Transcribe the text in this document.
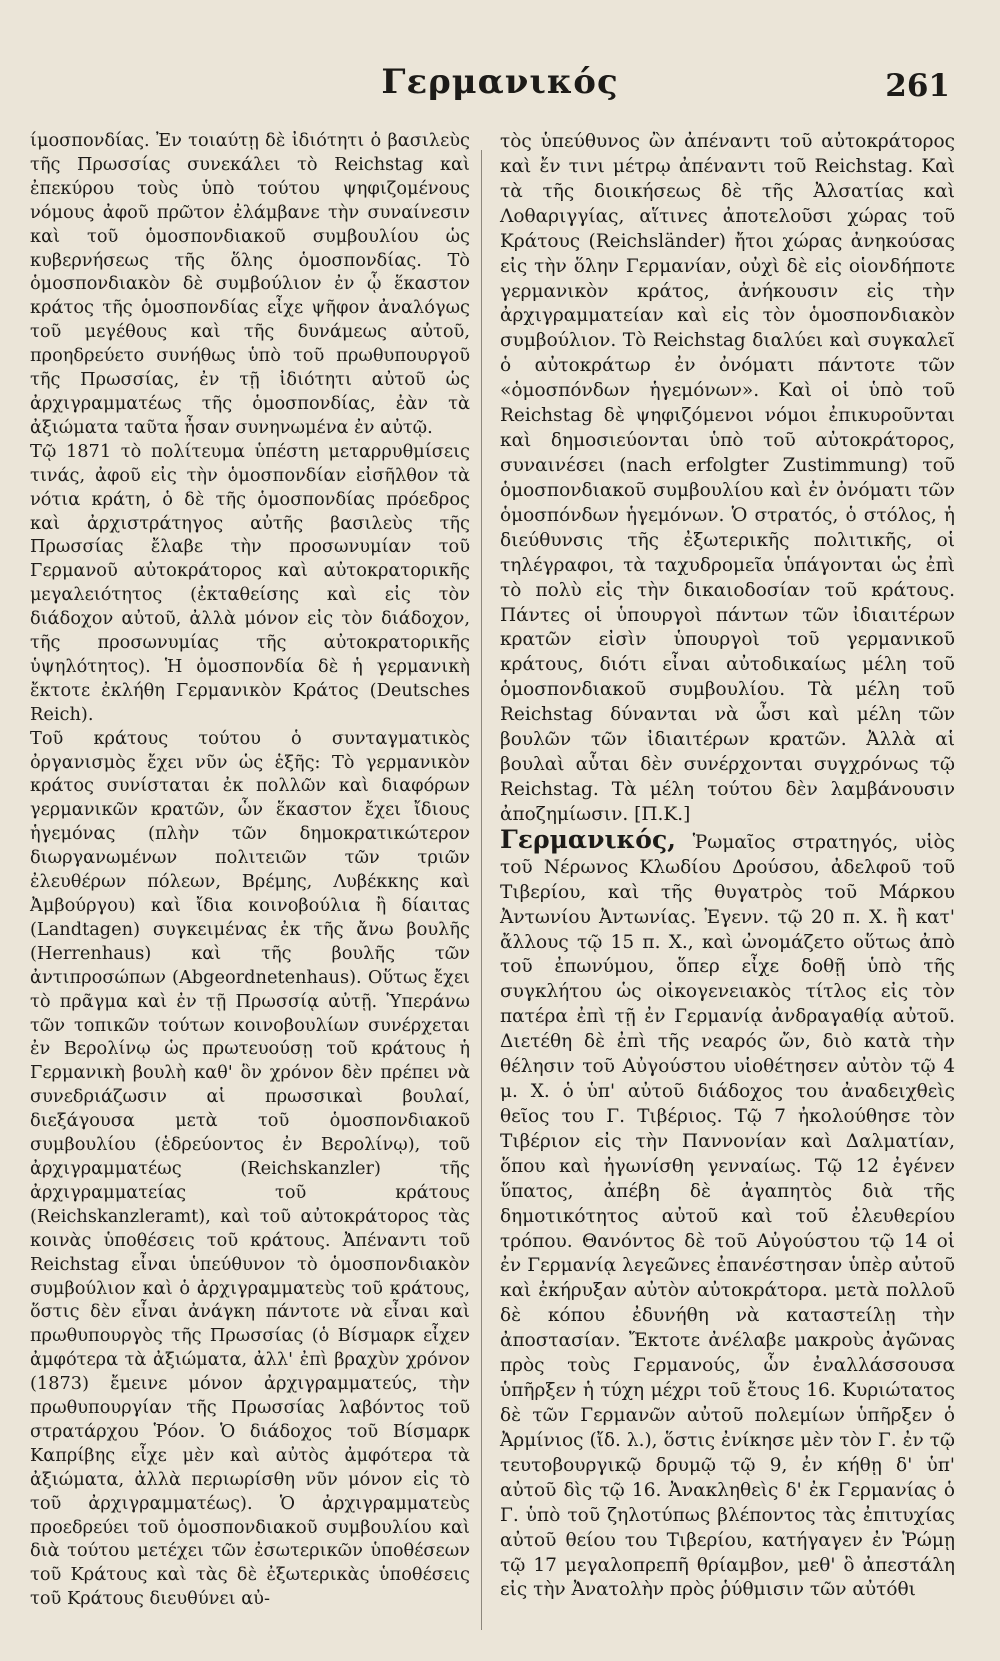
Γερμανικός	261

ίμοσπονδίας. Ἐν τοιαύτῃ δὲ ἰδιότητι ὁ βασιλεὺς τῆς Πρωσσίας συνεκάλει τὸ Reichstag καὶ ἐπεκύρου τοὺς ὑπὸ τούτου ψηφιζομένους νόμους ἀφοῦ πρῶτον ἐλάμβανε τὴν συναίνεσιν καὶ τοῦ ὁμοσπονδιακοῦ συμβουλίου ὡς κυβερνήσεως τῆς ὅλης ὁμοσπονδίας. Τὸ ὁμοσπονδιακὸν δὲ συμβούλιον ἐν ᾧ ἕκαστον κράτος τῆς ὁμοσπονδίας εἶχε ψῆφον ἀναλόγως τοῦ μεγέθους καὶ τῆς δυνάμεως αὐτοῦ, προηδρεύετο συνήθως ὑπὸ τοῦ πρωθυπουργοῦ τῆς Πρωσσίας, ἐν τῇ ἰδιότητι αὐτοῦ ὡς ἀρχιγραμματέως τῆς ὁμοσπονδίας, ἐὰν τὰ ἀξιώματα ταῦτα ἦσαν συνηνωμένα ἐν αὐτῷ.

Τῷ 1871 τὸ πολίτευμα ὑπέστη μεταρρυθμίσεις τινάς, ἀφοῦ εἰς τὴν ὁμοσπονδίαν εἰσῆλθον τὰ νότια κράτη, ὁ δὲ τῆς ὁμοσπονδίας πρόεδρος καὶ ἀρχιστράτηγος αὐτῆς βασιλεὺς τῆς Πρωσσίας ἔλαβε τὴν προσωνυμίαν τοῦ Γερμανοῦ αὐτοκράτορος καὶ αὐτοκρατορικῆς μεγαλειότητος (ἐκταθείσης καὶ εἰς τὸν διάδοχον αὐτοῦ, ἀλλὰ μόνον εἰς τὸν διάδοχον, τῆς προσωνυμίας τῆς αὐτοκρατορικῆς ὑψηλότητος). Ἡ ὁμοσπονδία δὲ ἡ γερμανικὴ ἔκτοτε ἐκλήθη Γερμανικὸν Κράτος (Deutsches Reich).

Τοῦ κράτους τούτου ὁ συνταγματικὸς ὀργανισμὸς ἔχει νῦν ὡς ἑξῆς: Τὸ γερμανικὸν κράτος συνίσταται ἐκ πολλῶν καὶ διαφόρων γερμανικῶν κρατῶν, ὧν ἕκαστον ἔχει ἴδιους ἡγεμόνας (πλὴν τῶν δημοκρατικώτερον διωργανωμένων πολιτειῶν τῶν τριῶν ἐλευθέρων πόλεων, Βρέμης, Λυβέκκης καὶ Ἀμβούργου) καὶ ἴδια κοινοβούλια ἢ δίαιτας (Landtagen) συγκειμένας ἐκ τῆς ἄνω βουλῆς (Herrenhaus) καὶ τῆς βουλῆς τῶν ἀντιπροσώπων (Abgeordnetenhaus). Οὕτως ἔχει τὸ πρᾶγμα καὶ ἐν τῇ Πρωσσίᾳ αὐτῇ. Ὑπεράνω τῶν τοπικῶν τούτων κοινοβουλίων συνέρχεται ἐν Βερολίνῳ ὡς πρωτευούσῃ τοῦ κράτους ἡ Γερμανικὴ βουλὴ καθ' ὃν χρόνον δὲν πρέπει νὰ συνεδριάζωσιν αἱ πρωσσικαὶ βουλαί, διεξάγουσα μετὰ τοῦ ὁμοσπονδιακοῦ συμβουλίου (ἑδρεύοντος ἐν Βερολίνῳ), τοῦ ἀρχιγραμματέως (Reichskanzler) τῆς ἀρχιγραμματείας τοῦ κράτους (Reichskanzleramt), καὶ τοῦ αὐτοκράτορος τὰς κοινὰς ὑποθέσεις τοῦ κράτους. Ἀπέναντι τοῦ Reichstag εἶναι ὑπεύθυνον τὸ ὁμοσπονδιακὸν συμβούλιον καὶ ὁ ἀρχιγραμματεὺς τοῦ κράτους, ὅστις δὲν εἶναι ἀνάγκη πάντοτε νὰ εἶναι καὶ πρωθυπουργὸς τῆς Πρωσσίας (ὁ Βίσμαρκ εἶχεν ἀμφότερα τὰ ἀξιώματα, ἀλλ' ἐπὶ βραχὺν χρόνον (1873) ἔμεινε μόνον ἀρχιγραμματεύς, τὴν πρωθυπουργίαν τῆς Πρωσσίας λαβόντος τοῦ στρατάρχου Ῥόον. Ὁ διάδοχος τοῦ Βίσμαρκ Καπρίβης εἶχε μὲν καὶ αὐτὸς ἀμφότερα τὰ ἀξιώματα, ἀλλὰ περιωρίσθη νῦν μόνον εἰς τὸ τοῦ ἀρχιγραμματέως). Ὁ ἀρχιγραμματεὺς προεδρεύει τοῦ ὁμοσπονδιακοῦ συμβουλίου καὶ διὰ τούτου μετέχει τῶν ἐσωτερικῶν ὑποθέσεων τοῦ Κράτους καὶ τὰς δὲ ἐξωτερικὰς ὑποθέσεις τοῦ Κράτους διευθύνει αὐ-

τὸς ὑπεύθυνος ὢν ἀπέναντι τοῦ αὐτοκράτορος καὶ ἔν τινι μέτρῳ ἀπέναντι τοῦ Reichstag. Καὶ τὰ τῆς διοικήσεως δὲ τῆς Ἀλσατίας καὶ Λοθαριγγίας, αἵτινες ἀποτελοῦσι χώρας τοῦ Κράτους (Reichsländer) ἤτοι χώρας ἀνηκούσας εἰς τὴν ὅλην Γερμανίαν, οὐχὶ δὲ εἰς οἱονδήποτε γερμανικὸν κράτος, ἀνήκουσιν εἰς τὴν ἀρχιγραμματείαν καὶ εἰς τὸν ὁμοσπονδιακὸν συμβούλιον. Τὸ Reichstag διαλύει καὶ συγκαλεῖ ὁ αὐτοκράτωρ ἐν ὀνόματι πάντοτε τῶν «ὁμοσπόνδων ἡγεμόνων». Καὶ οἱ ὑπὸ τοῦ Reichstag δὲ ψηφιζόμενοι νόμοι ἐπικυροῦνται καὶ δημοσιεύονται ὑπὸ τοῦ αὐτοκράτορος, συναινέσει (nach erfolgter Zustimmung) τοῦ ὁμοσπονδιακοῦ συμβουλίου καὶ ἐν ὀνόματι τῶν ὁμοσπόνδων ἡγεμόνων. Ὁ στρατός, ὁ στόλος, ἡ διεύθυνσις τῆς ἐξωτερικῆς πολιτικῆς, οἱ τηλέγραφοι, τὰ ταχυδρομεῖα ὑπάγονται ὡς ἐπὶ τὸ πολὺ εἰς τὴν δικαιοδοσίαν τοῦ κράτους. Πάντες οἱ ὑπουργοὶ πάντων τῶν ἰδιαιτέρων κρατῶν εἰσὶν ὑπουργοὶ τοῦ γερμανικοῦ κράτους, διότι εἶναι αὐτοδικαίως μέλη τοῦ ὁμοσπονδιακοῦ συμβουλίου. Τὰ μέλη τοῦ Reichstag δύνανται νὰ ὦσι καὶ μέλη τῶν βουλῶν τῶν ἰδιαιτέρων κρατῶν. Ἀλλὰ αἱ βουλαὶ αὗται δὲν συνέρχονται συγχρόνως τῷ Reichstag. Τὰ μέλη τούτου δὲν λαμβάνουσιν ἀποζημίωσιν. [Π.Κ.]

Γερμανικός, Ῥωμαῖος στρατηγός, υἱὸς τοῦ Νέρωνος Κλωδίου Δρούσου, ἀδελφοῦ τοῦ Τιβερίου, καὶ τῆς θυγατρὸς τοῦ Μάρκου Ἀντωνίου Ἀντωνίας. Ἐγενν. τῷ 20 π. Χ. ἢ κατ' ἄλλους τῷ 15 π. Χ., καὶ ὠνομάζετο οὕτως ἀπὸ τοῦ ἐπωνύμου, ὅπερ εἶχε δοθῇ ὑπὸ τῆς συγκλήτου ὡς οἰκογενειακὸς τίτλος εἰς τὸν πατέρα ἐπὶ τῇ ἐν Γερμανίᾳ ἀνδραγαθίᾳ αὐτοῦ. Διετέθη δὲ ἐπὶ τῆς νεαρός ὤν, διὸ κατὰ τὴν θέλησιν τοῦ Αὐγούστου υἱοθέτησεν αὐτὸν τῷ 4 μ. Χ. ὁ ὑπ' αὐτοῦ διάδοχος του ἀναδειχθεὶς θεῖος του Γ. Τιβέριος. Τῷ 7 ἠκολούθησε τὸν Τιβέριον εἰς τὴν Παννονίαν καὶ Δαλματίαν, ὅπου καὶ ἠγωνίσθη γενναίως. Τῷ 12 ἐγένεν ὕπατος, ἀπέβη δὲ ἀγαπητὸς διὰ τῆς δημοτικότητος αὐτοῦ καὶ τοῦ ἐλευθερίου τρόπου. Θανόντος δὲ τοῦ Αὐγούστου τῷ 14 οἱ ἐν Γερμανίᾳ λεγεῶνες ἐπανέστησαν ὑπὲρ αὐτοῦ καὶ ἐκήρυξαν αὐτὸν αὐτοκράτορα. μετὰ πολλοῦ δὲ κόπου ἐδυνήθη νὰ καταστείλῃ τὴν ἀποστασίαν. Ἔκτοτε ἀνέλαβε μακροὺς ἀγῶνας πρὸς τοὺς Γερμανούς, ὧν ἐναλλάσσουσα ὑπῆρξεν ἡ τύχη μέχρι τοῦ ἔτους 16. Κυριώτατος δὲ τῶν Γερμανῶν αὐτοῦ πολεμίων ὑπῆρξεν ὁ Ἀρμίνιος (ἴδ. λ.), ὅστις ἐνίκησε μὲν τὸν Γ. ἐν τῷ τευτοβουργικῷ δρυμῷ τῷ 9, ἐν κήθῃ δ' ὑπ' αὐτοῦ δὶς τῷ 16. Ἀνακληθεὶς δ' ἐκ Γερμανίας ὁ Γ. ὑπὸ τοῦ ζηλοτύπως βλέποντος τὰς ἐπιτυχίας αὐτοῦ θείου του Τιβερίου, κατήγαγεν ἐν Ῥώμῃ τῷ 17 μεγαλοπρεπῆ θρίαμβον, μεθ' ὃ ἀπεστάλη εἰς τὴν Ἀνατολὴν πρὸς ῥύθμισιν τῶν αὐτόθι
